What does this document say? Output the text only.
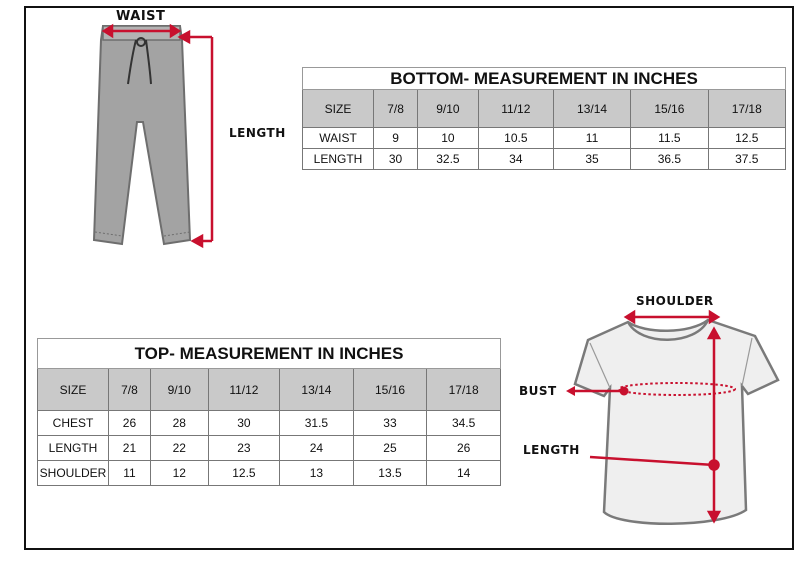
WAIST
LENGTH
BOTTOM- MEASUREMENT IN INCHES						
SIZE	7/8	9/10	11/12	13/14	15/16	17/18
WAIST	9	10	10.5	11	11.5	12.5
LENGTH	30	32.5	34	35	36.5	37.5
TOP- MEASUREMENT IN INCHES						
SIZE	7/8	9/10	11/12	13/14	15/16	17/18
CHEST	26	28	30	31.5	33	34.5
LENGTH	21	22	23	24	25	26
SHOULDER	11	12	12.5	13	13.5	14
SHOULDER
BUST
LENGTH
